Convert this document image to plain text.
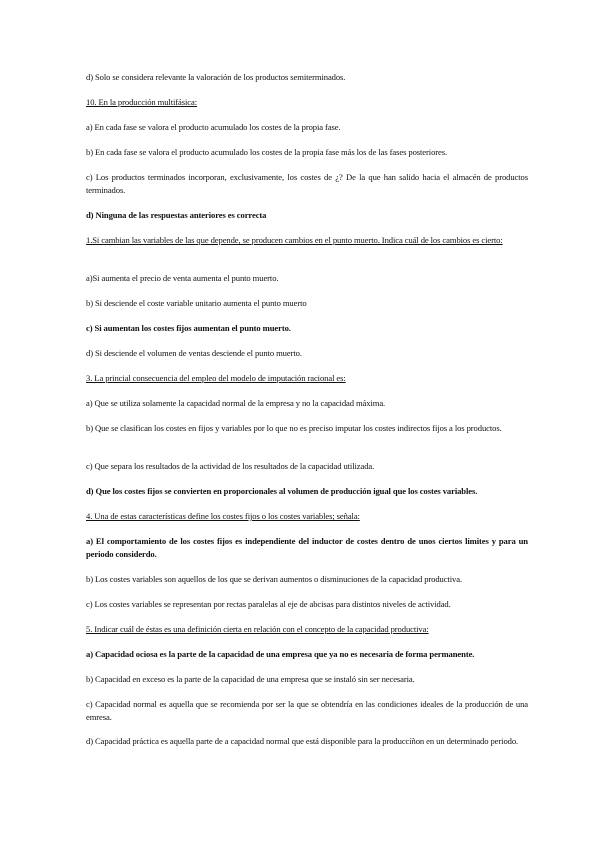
d) Solo se considera relevante la valoración de los productos semiterminados.

10. En la producción multifásica:

a) En cada fase se valora el producto acumulado los costes de la propia fase.

b) En cada fase se valora el producto acumulado los costes de la propia fase más los de las fases posteriores.

c) Los productos terminados incorporan, exclusivamente, los costes de ¿? De la que han salido hacia el almacén de productos terminados.

d) Ninguna de las respuestas anteriores es correcta

1.Si cambian las variables de las que depende, se producen cambios en el punto muerto. Indica cuál de los cambios es cierto:

a)Si aumenta el precio de venta aumenta el punto muerto.

b) Si desciende el coste variable unitario aumenta el punto muerto

c) Si aumentan los costes fijos aumentan el punto muerto.

d) Si desciende el volumen de ventas desciende el punto muerto.

3. La princial consecuencia del empleo del modelo de imputación racional es:

a) Que se utiliza solamente la capacidad normal de la empresa y no la capacidad máxima.

b) Que se clasifican los costes en fijos y variables por lo que no es preciso imputar los costes indirectos fijos a los productos.

c) Que separa los resultados de la actividad de los resultados de la capacidad utilizada.

d) Que los costes fijos se convierten en proporcionales al volumen de producción igual que los costes variables.

4. Una de estas características define los costes fijos o los costes variables; señala:

a) El comportamiento de los costes fijos es independiente del inductor de costes dentro de unos ciertos límites y para un periodo considerdo.

b) Los costes variables son aquellos de los que se derivan aumentos o disminuciones de la capacidad productiva.

c) Los costes variables se representan por rectas paralelas al eje de abcisas para distintos niveles de actividad.

5. Indicar cuál de éstas es una definición cierta en relación con el concepto de la capacidad productiva:

a) Capacidad ociosa es la parte de la capacidad de una empresa que ya no es necesaria de forma permanente.

b) Capacidad en exceso es la parte de la capacidad de una empresa que se instaló sin ser necesaria.

c) Capacidad normal es aquella que se recomienda por ser la que se obtendría en las condiciones ideales de la producción de una emresa.

d) Capacidad práctica es aquella parte de a capacidad normal que está disponible para la produccíñon en un determinado periodo.
